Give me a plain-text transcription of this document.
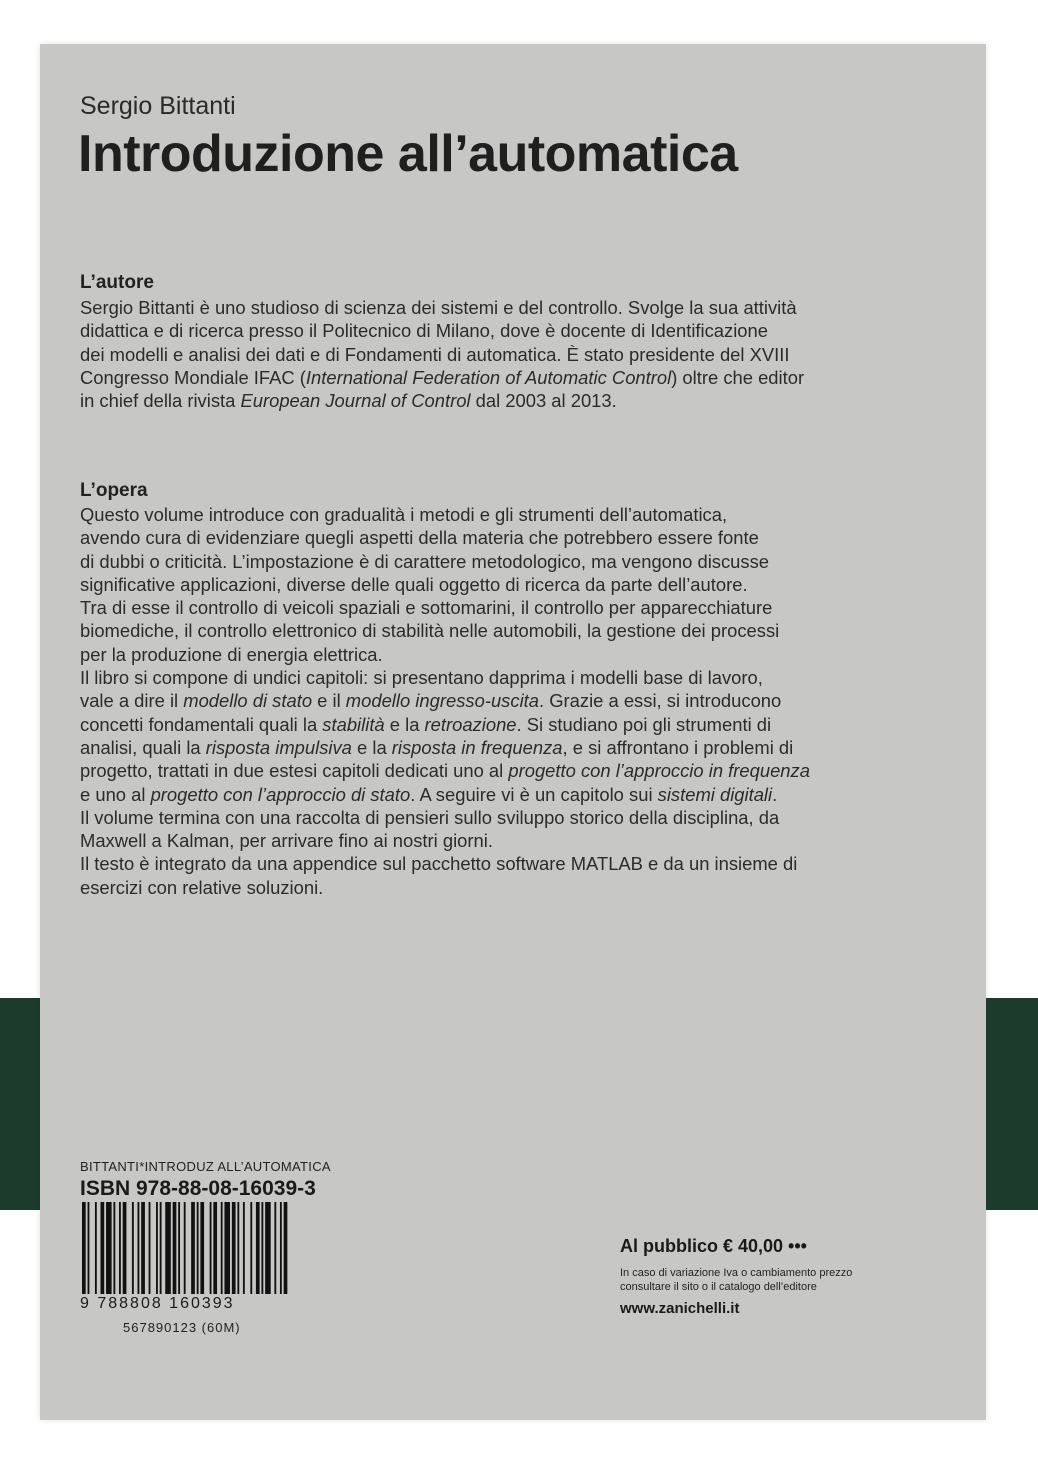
Sergio Bittanti
Introduzione all’automatica
L’autore
Sergio Bittanti è uno studioso di scienza dei sistemi e del controllo. Svolge la sua attività
didattica e di ricerca presso il Politecnico di Milano, dove è docente di Identificazione
dei modelli e analisi dei dati e di Fondamenti di automatica. È stato presidente del XVIII
Congresso Mondiale IFAC (International Federation of Automatic Control) oltre che editor
in chief della rivista European Journal of Control dal 2003 al 2013.
L’opera
Questo volume introduce con gradualità i metodi e gli strumenti dell’automatica,
avendo cura di evidenziare quegli aspetti della materia che potrebbero essere fonte
di dubbi o criticità. L’impostazione è di carattere metodologico, ma vengono discusse
significative applicazioni, diverse delle quali oggetto di ricerca da parte dell’autore.
Tra di esse il controllo di veicoli spaziali e sottomarini, il controllo per apparecchiature
biomediche, il controllo elettronico di stabilità nelle automobili, la gestione dei processi
per la produzione di energia elettrica.
Il libro si compone di undici capitoli: si presentano dapprima i modelli base di lavoro,
vale a dire il modello di stato e il modello ingresso-uscita. Grazie a essi, si introducono
concetti fondamentali quali la stabilità e la retroazione. Si studiano poi gli strumenti di
analisi, quali la risposta impulsiva e la risposta in frequenza, e si affrontano i problemi di
progetto, trattati in due estesi capitoli dedicati uno al progetto con l’approccio in frequenza
e uno al progetto con l’approccio di stato. A seguire vi è un capitolo sui sistemi digitali.
Il volume termina con una raccolta di pensieri sullo sviluppo storico della disciplina, da
Maxwell a Kalman, per arrivare fino ai nostri giorni.
Il testo è integrato da una appendice sul pacchetto software MATLAB e da un insieme di
esercizi con relative soluzioni.
BITTANTI*INTRODUZ ALL’AUTOMATICA
ISBN 978-88-08-16039-3
9 788808 160393
567890123 (60M)
Al pubblico € 40,00 •••
In caso di variazione Iva o cambiamento prezzo
consultare il sito o il catalogo dell’editore
www.zanichelli.it
